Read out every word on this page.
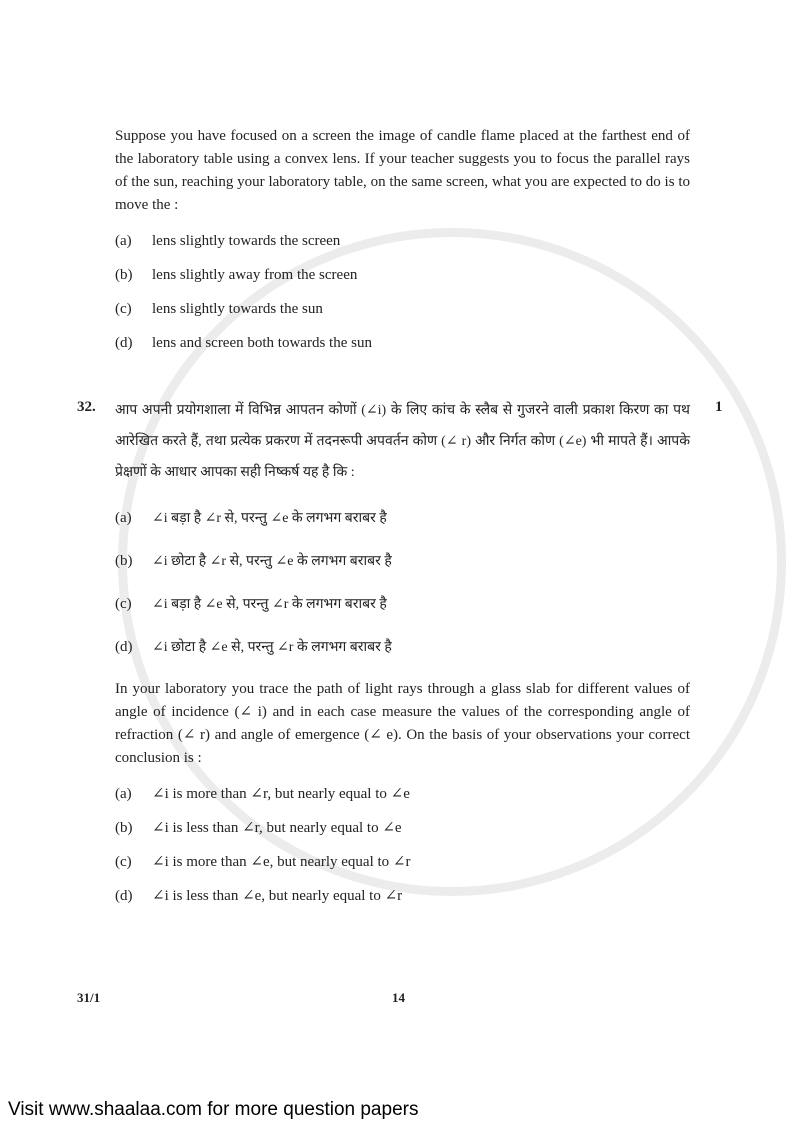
Suppose you have focused on a screen the image of candle flame placed at the farthest end of the laboratory table using a convex lens. If your teacher suggests you to focus the parallel rays of the sun, reaching your laboratory table, on the same screen, what you are expected to do is to move the :

(a) lens slightly towards the screen
(b) lens slightly away from the screen
(c) lens slightly towards the sun
(d) lens and screen both towards the sun
32.	1

आप अपनी प्रयोगशाला में विभिन्न आपतन कोणों (∠i) के लिए कांच के स्लैब से गुजरने वाली प्रकाश किरण का पथ आरेखित करते हैं, तथा प्रत्येक प्रकरण में तदनरूपी अपवर्तन कोण (∠ r) और निर्गत कोण (∠e) भी मापते हैं। आपके प्रेक्षणों के आधार आपका सही निष्कर्ष यह है कि :

(a) ∠i बड़ा है ∠r से, परन्तु ∠e के लगभग बराबर है
(b) ∠i छोटा है ∠r से, परन्तु ∠e के लगभग बराबर है
(c) ∠i बड़ा है ∠e से, परन्तु ∠r के लगभग बराबर है
(d) ∠i छोटा है ∠e से, परन्तु ∠r के लगभग बराबर है

In your laboratory you trace the path of light rays through a glass slab for different values of angle of incidence (∠ i) and in each case measure the values of the corresponding angle of refraction (∠ r) and angle of emergence (∠ e). On the basis of your observations your correct conclusion is :

(a) ∠i is more than ∠r, but nearly equal to ∠e
(b) ∠i is less than ∠r, but nearly equal to ∠e
(c) ∠i is more than ∠e, but nearly equal to ∠r
(d) ∠i is less than ∠e, but nearly equal to ∠r
31/1	14
Visit www.shaalaa.com for more question papers
